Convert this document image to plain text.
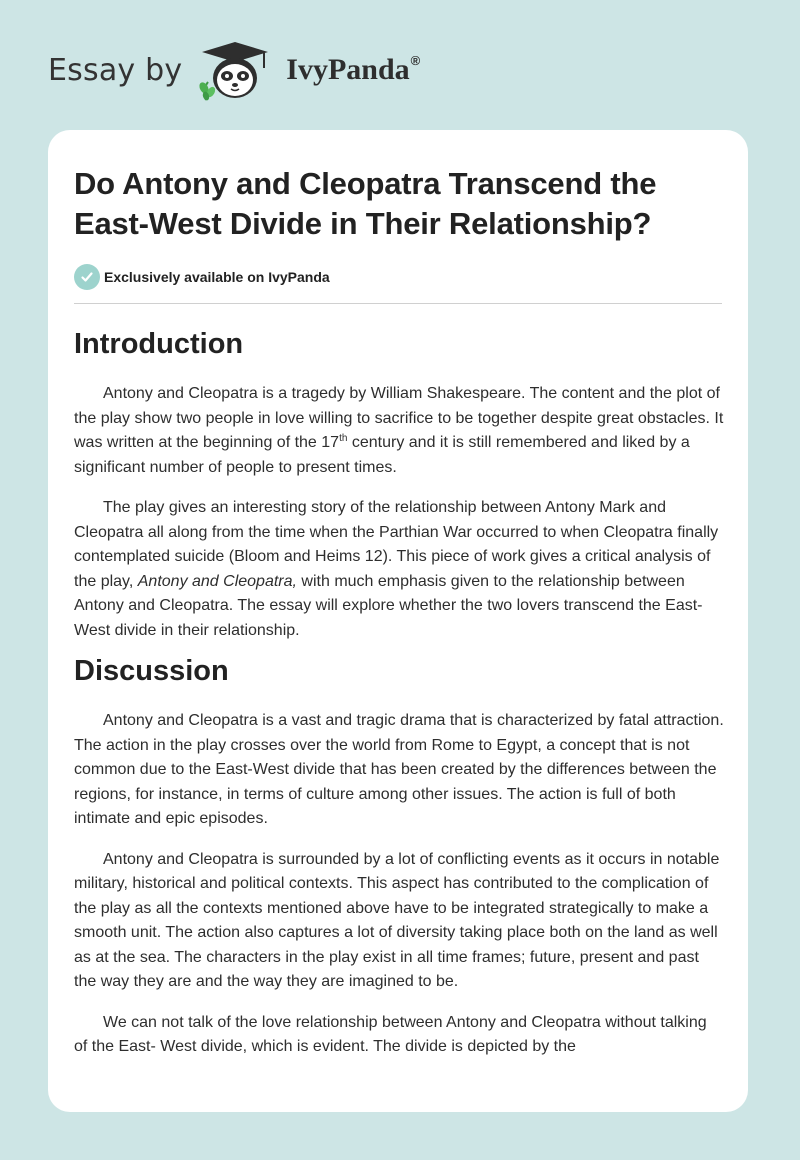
Essay by	IvyPanda®
Do Antony and Cleopatra Transcend the East-West Divide in Their Relationship?
Exclusively available on IvyPanda
Introduction

Antony and Cleopatra is a tragedy by William Shakespeare. The content and the plot of the play show two people in love willing to sacrifice to be together despite great obstacles. It was written at the beginning of the 17th century and it is still remembered and liked by a significant number of people to present times.

The play gives an interesting story of the relationship between Antony Mark and Cleopatra all along from the time when the Parthian War occurred to when Cleopatra finally contemplated suicide (Bloom and Heims 12). This piece of work gives a critical analysis of the play, Antony and Cleopatra, with much emphasis given to the relationship between Antony and Cleopatra. The essay will explore whether the two lovers transcend the East-West divide in their relationship.

Discussion

Antony and Cleopatra is a vast and tragic drama that is characterized by fatal attraction. The action in the play crosses over the world from Rome to Egypt, a concept that is not common due to the East-West divide that has been created by the differences between the regions, for instance, in terms of culture among other issues. The action is full of both intimate and epic episodes.

Antony and Cleopatra is surrounded by a lot of conflicting events as it occurs in notable military, historical and political contexts. This aspect has contributed to the complication of the play as all the contexts mentioned above have to be integrated strategically to make a smooth unit. The action also captures a lot of diversity taking place both on the land as well as at the sea. The characters in the play exist in all time frames; future, present and past the way they are and the way they are imagined to be.

We can not talk of the love relationship between Antony and Cleopatra without talking of the East- West divide, which is evident. The divide is depicted by the
